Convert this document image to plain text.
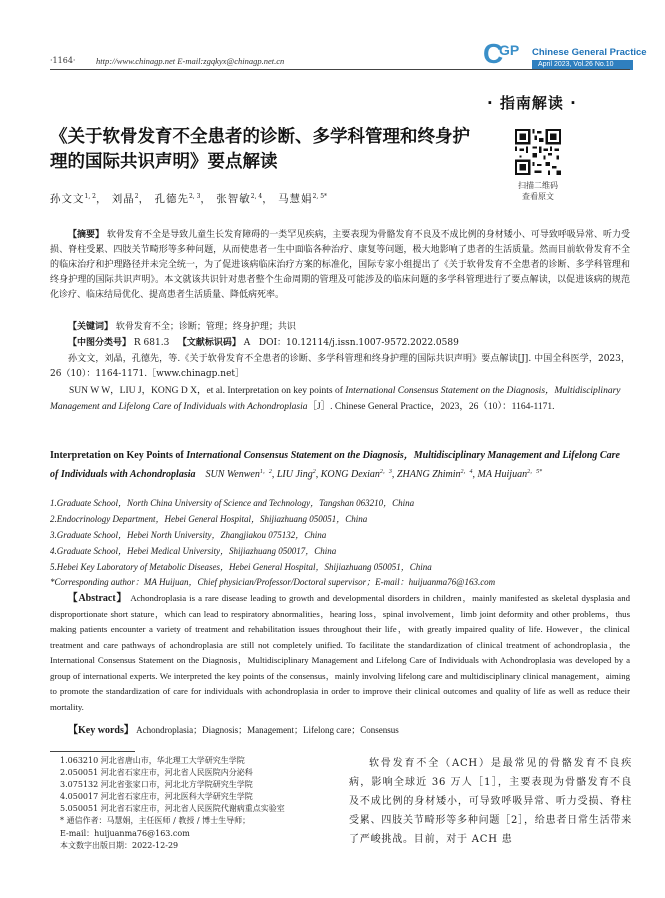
·1164· http://www.chinagp.net E-mail:zgqkyx@chinagp.net.cn	C
GP Chinese General Practice
April 2023, Vol.26 No.10
· 指南解读 ·
《关于软骨发育不全患者的诊断、多学科管理和终身护理的国际共识声明》要点解读
扫描二维码
查看原文
孙文文$^{1, 2}$， 刘晶$^2$， 孔德先$^{2, 3}$， 张智敏$^{2, 4}$， 马慧娟$^{2, 5*}$
【摘要】 软骨发育不全是导致儿童生长发育障碍的一类罕见疾病，主要表现为骨骼发育不良及不成比例的身材矮小、可导致呼吸异常、听力受损、脊柱受累、四肢关节畸形等多种问题，从而使患者一生中面临各种治疗、康复等问题，极大地影响了患者的生活质量。然而目前软骨发育不全的临床治疗和护理路径并未完全统一，为了促进该病临床治疗方案的标准化，国际专家小组提出了《关于软骨发育不全患者的诊断、多学科管理和终身护理的国际共识声明》。本文就该共识针对患者整个生命周期的管理及可能涉及的临床问题的多学科管理进行了要点解读，以促进该病的规范化诊疗、临床结局优化、提高患者生活质量、降低病死率。
【关键词】 软骨发育不全；诊断；管理；终身护理；共识
【中图分类号】 R 681.3 【文献标识码】 A DOI：10.12114/j.issn.1007-9572.2022.0589
孙文文，刘晶，孔德先，等.《关于软骨发育不全患者的诊断、多学科管理和终身护理的国际共识声明》要点解读[J]. 中国全科医学，2023，26（10）：1164-1171.［www.chinagp.net］
SUN W W，LIU J，KONG D X，et al. Interpretation on key points of International Consensus Statement on the Diagnosis，Multidisciplinary Management and Lifelong Care of Individuals with Achondroplasia［J］. Chinese General Practice，2023，26（10）：1164-1171.
Interpretation on Key Points of International Consensus Statement on the Diagnosis，Multidisciplinary Management and Lifelong Care of Individuals with Achondroplasia SUN Wenwen$^{1,2}$, LIU Jing$^2$, KONG Dexian$^{2,3}$, ZHANG Zhimin$^{2,4}$, MA Huijuan$^{2,5*}$
1.Graduate School，North China University of Science and Technology，Tangshan 063210，China
2.Endocrinology Department，Hebei General Hospital，Shijiazhuang 050051，China
3.Graduate School，Hebei North University，Zhangjiakou 075132，China
4.Graduate School，Hebei Medical University，Shijiazhuang 050017，China
5.Hebei Key Laboratory of Metabolic Diseases，Hebei General Hospital，Shijiazhuang 050051，China
*Corresponding author：MA Huijuan，Chief physician/Professor/Doctoral supervisor；E-mail：huijuanma76@163.com
【Abstract】 Achondroplasia is a rare disease leading to growth and developmental disorders in children，mainly manifested as skeletal dysplasia and disproportionate short stature，which can lead to respiratory abnormalities，hearing loss，spinal involvement，limb joint deformity and other problems，thus making patients encounter a variety of treatment and rehabilitation issues throughout their life，with greatly impaired quality of life. However，the clinical treatment and care pathways of achondroplasia are still not completely unified. To facilitate the standardization of clinical treatment of achondroplasia，the International Consensus Statement on the Diagnosis，Multidisciplinary Management and Lifelong Care of Individuals with Achondroplasia was developed by a group of international experts. We interpreted the key points of the consensus，mainly involving lifelong care and multidisciplinary clinical management，aiming to promote the standardization of care for individuals with achondroplasia in order to improve their clinical outcomes and quality of life as well as reduce their mortality.
【Key words】 Achondroplasia；Diagnosis；Management；Lifelong care；Consensus
1.063210 河北省唐山市，华北理工大学研究生学院
2.050051 河北省石家庄市，河北省人民医院内分泌科
3.075132 河北省张家口市，河北北方学院研究生学院
4.050017 河北省石家庄市，河北医科大学研究生学院
5.050051 河北省石家庄市，河北省人民医院代谢病重点实验室
* 通信作者：马慧娟，主任医师 / 教授 / 博士生导师；
E-mail：huijuanma76@163.com
本文数字出版日期：2022-12-29
软骨发育不全（ACH）是最常见的骨骼发育不良疾病，影响全球近 36 万人［1］，主要表现为骨骼发育不良及不成比例的身材矮小，可导致呼吸异常、听力受损、脊柱受累、四肢关节畸形等多种问题［2］，给患者日常生活带来了严峻挑战。目前，对于 ACH 患
